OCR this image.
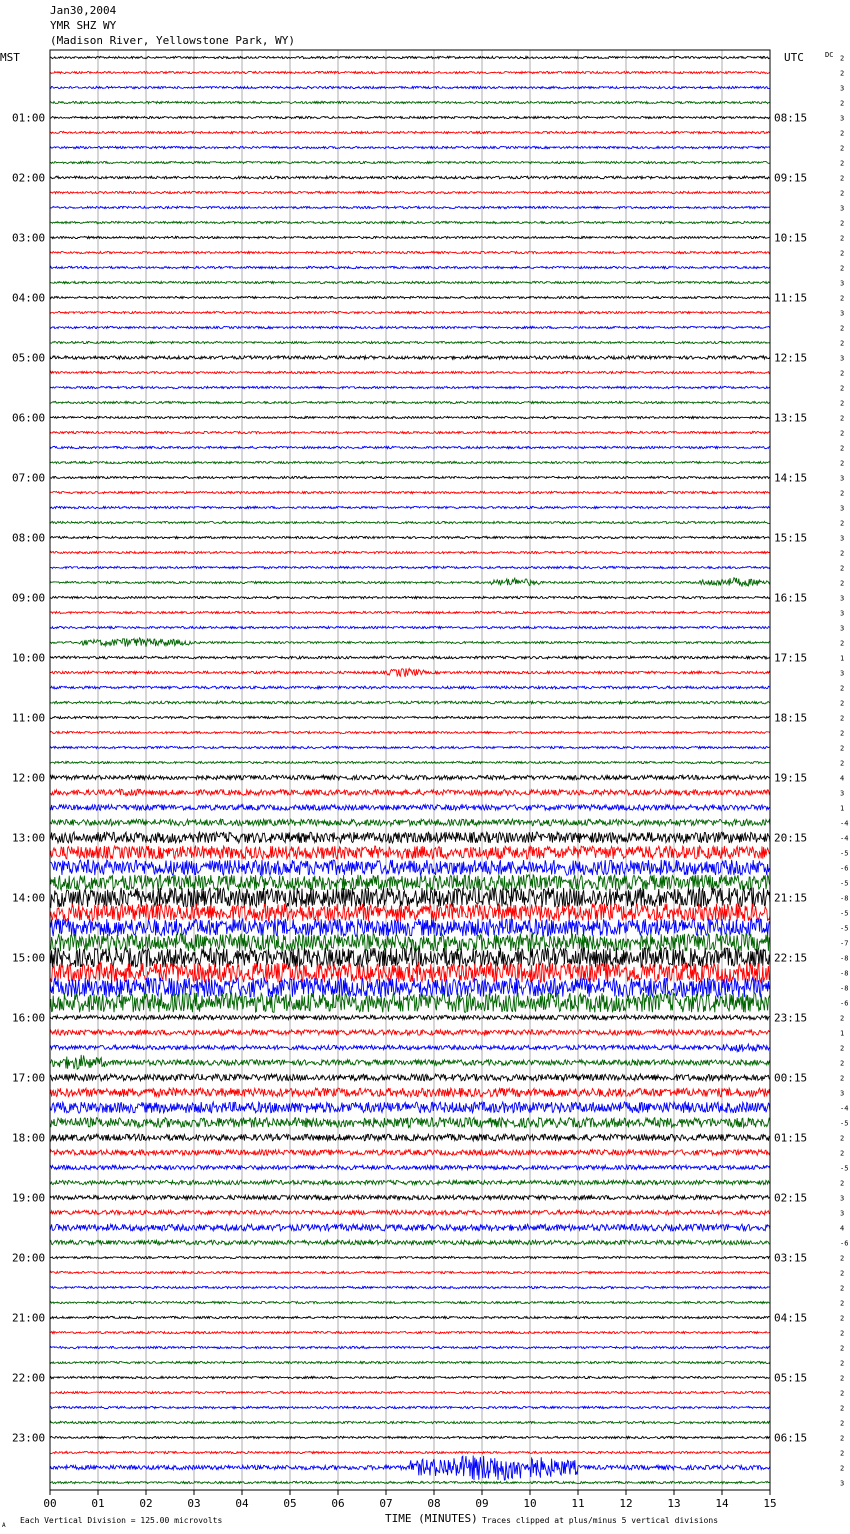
Jan30,2004
YMR SHZ WY
(Madison River, Yellowstone Park, WY)
MST	UTC	DC
TIME (MINUTES)
00	01	02	03	04	05	06	07	08	09	10	11	12	13	14	15
2
2
3
2
3
2
2
2
2
2
3
2
2
2
2
3
2
3
2
2
3
2
2
2
2
2
2
2
3
2
3
2
3
2
2
2
3
3
3
2
1
3
2
2
2
2
2
2
4
3
1
-4
-4
-5
-6
-5
-8
-5
-5
-7
-8
-8
-8
-6
2
1
2
2
2
3
-4
-5
2
2
-5
2
3
3
4
-6
2
2
2
2
2
2
2
2
2
2
2
2
2
2
2
3
01:00
02:00
03:00
04:00
05:00
06:00
07:00
08:00
09:00
10:00
11:00
12:00
13:00
14:00
15:00
16:00
17:00
18:00
19:00
20:00
21:00
22:00
23:00
08:15
09:15
10:15
11:15
12:15
13:15
14:15
15:15
16:15
17:15
18:15
19:15
20:15
21:15
22:15
23:15
00:15
01:15
02:15
03:15
04:15
05:15
06:15
A
Each Vertical Division = 125.00 microvolts	Traces clipped at plus/minus 5 vertical divisions
